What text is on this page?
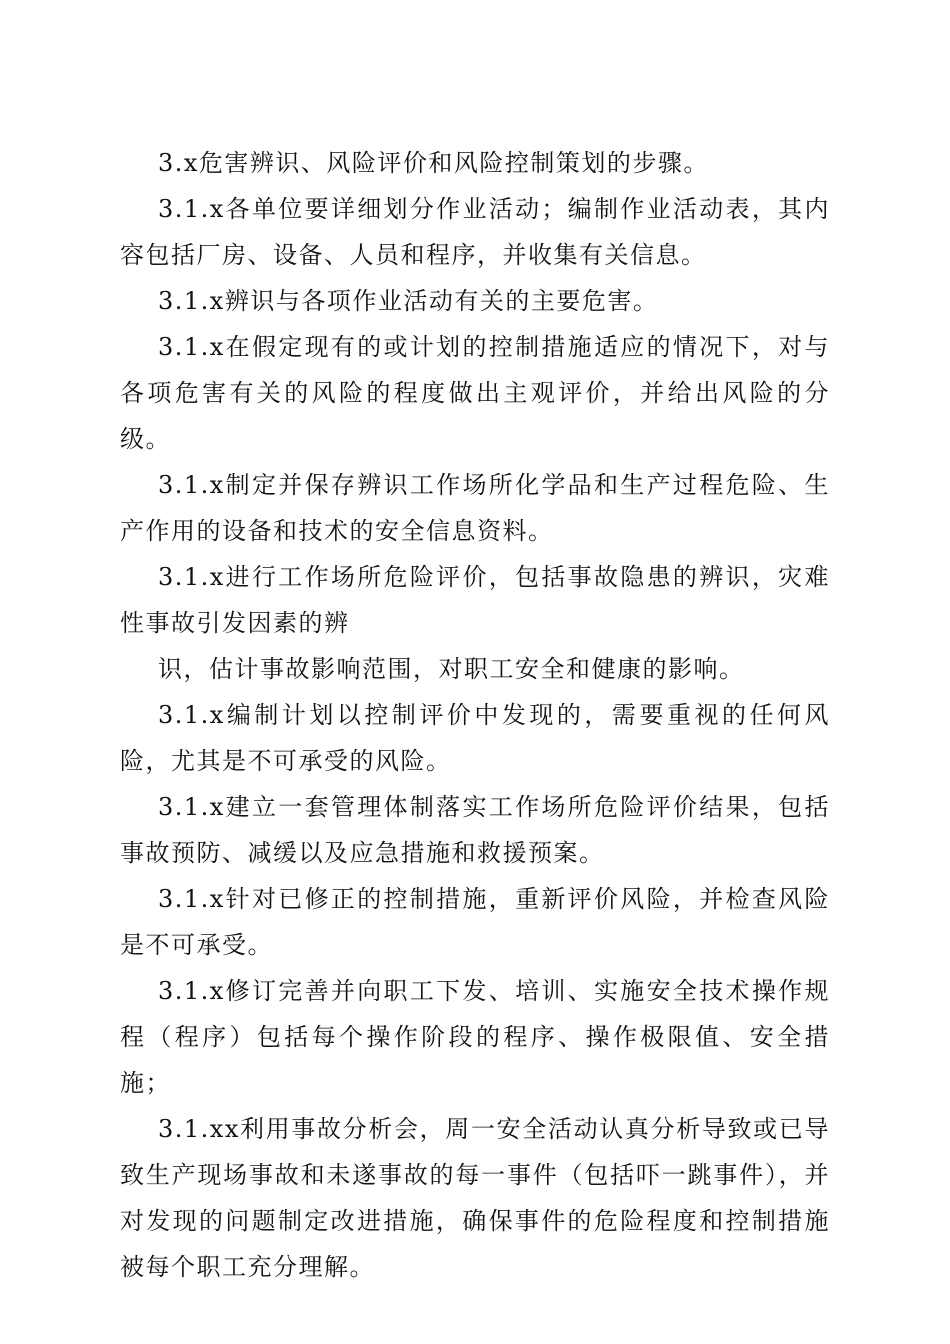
3.x危害辨识、风险评价和风险控制策划的步骤。

3.1.x各单位要详细划分作业活动；编制作业活动表，其内容包括厂房、设备、人员和程序，并收集有关信息。

3.1.x辨识与各项作业活动有关的主要危害。

3.1.x在假定现有的或计划的控制措施适应的情况下，对与各项危害有关的风险的程度做出主观评价，并给出风险的分级。

3.1.x制定并保存辨识工作场所化学品和生产过程危险、生产作用的设备和技术的安全信息资料。

3.1.x进行工作场所危险评价，包括事故隐患的辨识，灾难性事故引发因素的辨

识，估计事故影响范围，对职工安全和健康的影响。

3.1.x编制计划以控制评价中发现的，需要重视的任何风险，尤其是不可承受的风险。

3.1.x建立一套管理体制落实工作场所危险评价结果，包括事故预防、减缓以及应急措施和救援预案。

3.1.x针对已修正的控制措施，重新评价风险，并检查风险是不可承受。

3.1.x修订完善并向职工下发、培训、实施安全技术操作规程（程序）包括每个操作阶段的程序、操作极限值、安全措施；

3.1.xx利用事故分析会，周一安全活动认真分析导致或已导致生产现场事故和未遂事故的每一事件（包括吓一跳事件），并对发现的问题制定改进措施，确保事件的危险程度和控制措施被每个职工充分理解。
